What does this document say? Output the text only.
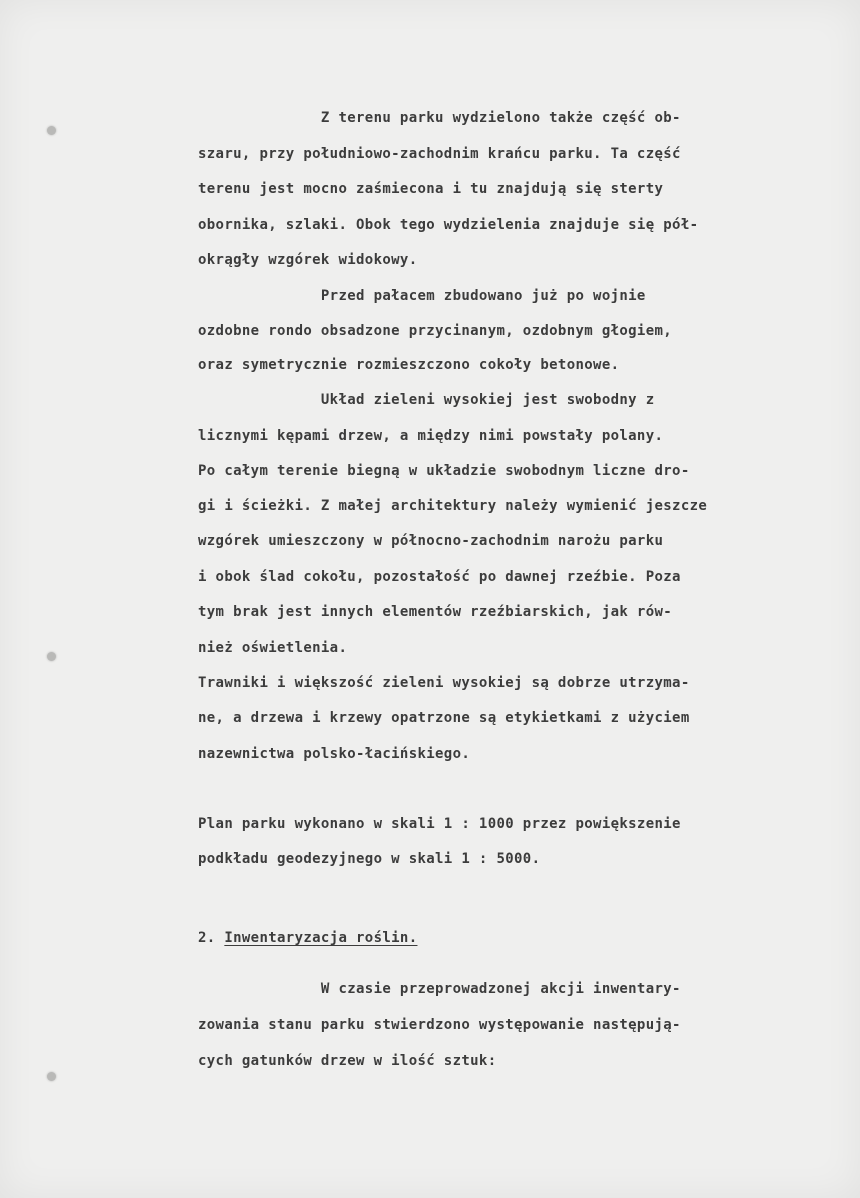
Z terenu parku wydzielono także część ob-

szaru, przy południowo-zachodnim krańcu parku. Ta część

terenu jest mocno zaśmiecona i tu znajdują się sterty

obornika, szlaki. Obok tego wydzielenia znajduje się pół-

okrągły wzgórek widokowy.

Przed pałacem zbudowano już po wojnie

ozdobne rondo obsadzone przycinanym, ozdobnym głogiem,

oraz symetrycznie rozmieszczono cokoły betonowe.

Układ zieleni wysokiej jest swobodny z

licznymi kępami drzew, a między nimi powstały polany.

Po całym terenie biegną w układzie swobodnym liczne dro-

gi i ścieżki. Z małej architektury należy wymienić jeszcze

wzgórek umieszczony w północno-zachodnim narożu parku

i obok ślad cokołu, pozostałość po dawnej rzeźbie. Poza

tym brak jest innych elementów rzeźbiarskich, jak rów-

nież oświetlenia.

Trawniki i większość zieleni wysokiej są dobrze utrzyma-

ne, a drzewa i krzewy opatrzone są etykietkami z użyciem

nazewnictwa polsko-łacińskiego.

Plan parku wykonano w skali 1 : 1000 przez powiększenie

podkładu geodezyjnego w skali 1 : 5000.

2. Inwentaryzacja roślin.

W czasie przeprowadzonej akcji inwentary-

zowania stanu parku stwierdzono występowanie następują-

cych gatunków drzew w ilość sztuk:
